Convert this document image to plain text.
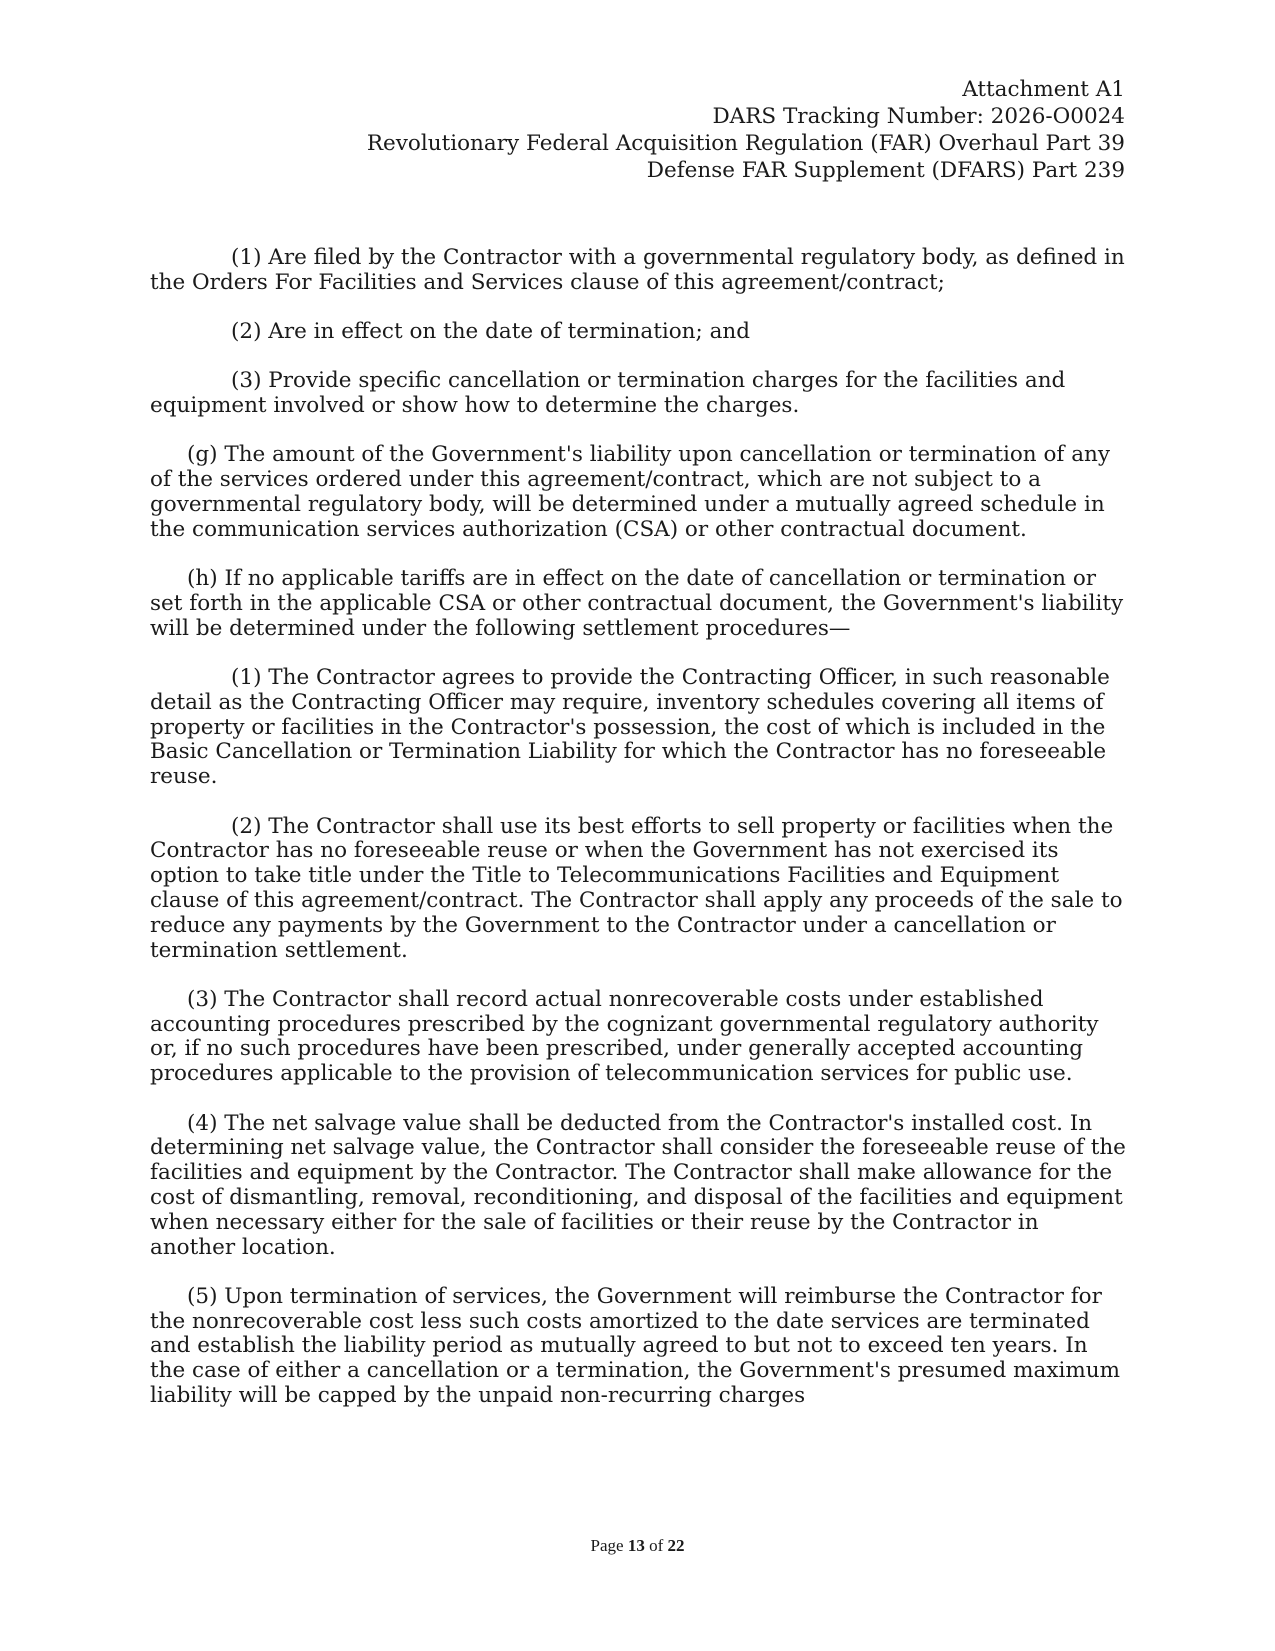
Attachment A1
DARS Tracking Number: 2026-O0024
Revolutionary Federal Acquisition Regulation (FAR) Overhaul Part 39
Defense FAR Supplement (DFARS) Part 239

(1) Are filed by the Contractor with a governmental regulatory body, as defined in the Orders For Facilities and Services clause of this agreement/contract;

(2) Are in effect on the date of termination; and

(3) Provide specific cancellation or termination charges for the facilities and equipment involved or show how to determine the charges.

(g) The amount of the Government's liability upon cancellation or termination of any of the services ordered under this agreement/contract, which are not subject to a governmental regulatory body, will be determined under a mutually agreed schedule in the communication services authorization (CSA) or other contractual document.

(h) If no applicable tariffs are in effect on the date of cancellation or termination or set forth in the applicable CSA or other contractual document, the Government's liability will be determined under the following settlement procedures—

(1) The Contractor agrees to provide the Contracting Officer, in such reasonable detail as the Contracting Officer may require, inventory schedules covering all items of property or facilities in the Contractor's possession, the cost of which is included in the Basic Cancellation or Termination Liability for which the Contractor has no foreseeable reuse.

(2) The Contractor shall use its best efforts to sell property or facilities when the Contractor has no foreseeable reuse or when the Government has not exercised its option to take title under the Title to Telecommunications Facilities and Equipment clause of this agreement/contract. The Contractor shall apply any proceeds of the sale to reduce any payments by the Government to the Contractor under a cancellation or termination settlement.

(3) The Contractor shall record actual nonrecoverable costs under established accounting procedures prescribed by the cognizant governmental regulatory authority or, if no such procedures have been prescribed, under generally accepted accounting procedures applicable to the provision of telecommunication services for public use.

(4) The net salvage value shall be deducted from the Contractor's installed cost. In determining net salvage value, the Contractor shall consider the foreseeable reuse of the facilities and equipment by the Contractor. The Contractor shall make allowance for the cost of dismantling, removal, reconditioning, and disposal of the facilities and equipment when necessary either for the sale of facilities or their reuse by the Contractor in another location.

(5) Upon termination of services, the Government will reimburse the Contractor for the nonrecoverable cost less such costs amortized to the date services are terminated and establish the liability period as mutually agreed to but not to exceed ten years. In the case of either a cancellation or a termination, the Government's presumed maximum liability will be capped by the unpaid non-recurring charges

Page 13 of 22
